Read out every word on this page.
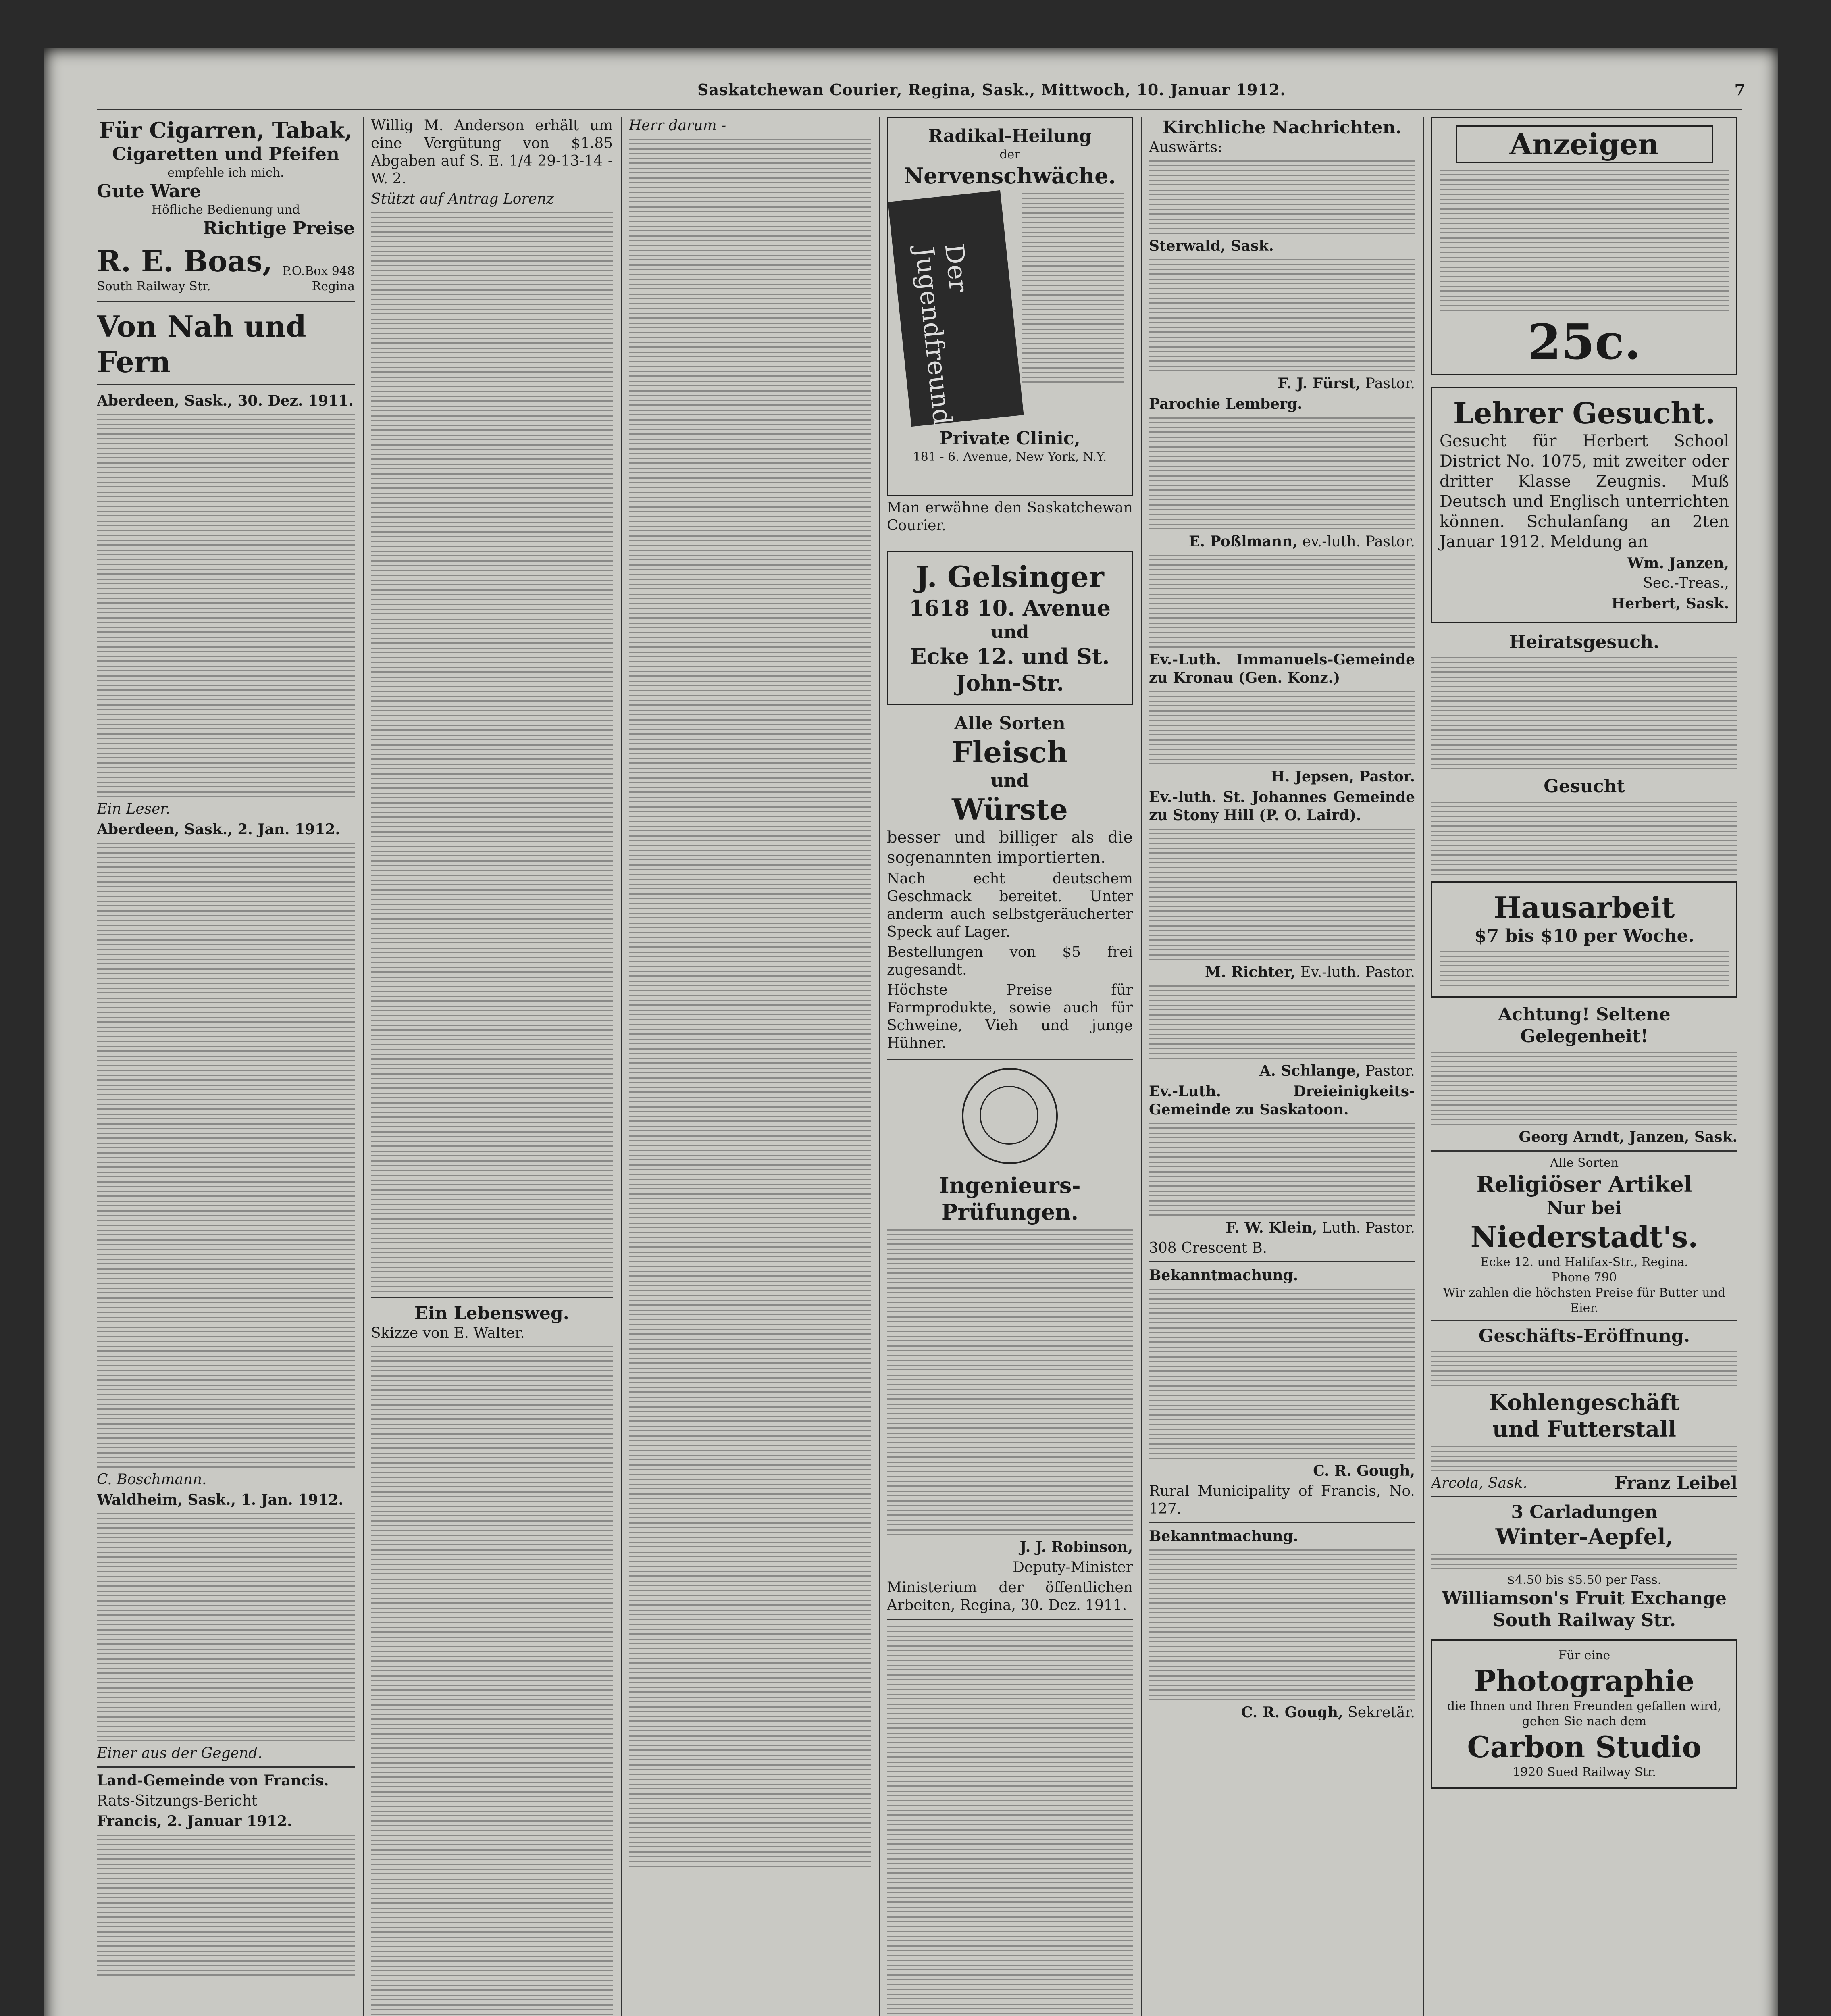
Saskatchewan Courier, Regina, Sask., Mittwoch, 10. Januar 1912.	7
Für Cigarren, Tabak,
Cigaretten und Pfeifen
empfehle ich mich.
Gute Ware
Höfliche Bedienung und
Richtige Preise
R. E. Boas, P.O.Box 948
South Railway Str.	Regina
Von Nah und Fern

Aberdeen, Sask., 30. Dez. 1911.

Ein Leser.

Aberdeen, Sask., 2. Jan. 1912.

C. Boschmann.

Waldheim, Sask., 1. Jan. 1912.

Einer aus der Gegend.

Land-Gemeinde von Francis.

Rats-Sitzungs-Bericht

Francis, 2. Januar 1912.

Willig M. Anderson erhält um eine Vergütung von $1.85 Abgaben auf S. E. 1/4 29-13-14 - W. 2.

Stützt auf Antrag Lorenz

Ein Lebensweg.

Skizze von E. Walter.

Herr darum -

Radikal-Heilung
der
Nervenschwäche.
Der Jugendfreund
Private Clinic,
181 - 6. Avenue, New York, N.Y.

Man erwähne den Saskatchewan Courier.

J. Gelsinger
1618 10. Avenue
und
Ecke 12. und St. John-Str.
Alle Sorten
Fleisch
und
Würste

besser und billiger als die sogenannten importierten.

Nach echt deutschem Geschmack bereitet. Unter anderm auch selbstgeräucherter Speck auf Lager.

Bestellungen von $5 frei zugesandt.

Höchste Preise für Farmprodukte, sowie auch für Schweine, Vieh und junge Hühner.

Ingenieurs-Prüfungen.

J. J. Robinson,

Deputy-Minister

Ministerium der öffentlichen Arbeiten, Regina, 30. Dez. 1911.

Kirchliche Nachrichten.

Auswärts:

Sterwald, Sask.

F. J. Fürst, Pastor.

Parochie Lemberg.

E. Poßlmann, ev.-luth. Pastor.

Ev.-Luth. Immanuels-Gemeinde zu Kronau (Gen. Konz.)

H. Jepsen, Pastor.

Ev.-luth. St. Johannes Gemeinde zu Stony Hill (P. O. Laird).

M. Richter, Ev.-luth. Pastor.

A. Schlange, Pastor.

Ev.-Luth. Dreieinigkeits-Gemeinde zu Saskatoon.

F. W. Klein, Luth. Pastor.

308 Crescent B.

Bekanntmachung.

C. R. Gough,

Rural Municipality of Francis, No. 127.

Bekanntmachung.

C. R. Gough, Sekretär.

Anzeigen
25c.
Lehrer Gesucht.

Gesucht für Herbert School District No. 1075, mit zweiter oder dritter Klasse Zeugnis. Muß Deutsch und Englisch unterrichten können. Schulanfang an 2ten Januar 1912. Meldung an

Wm. Janzen,

Sec.-Treas.,

Herbert, Sask.

Heiratsgesuch.
Gesucht
Hausarbeit
$7 bis $10 per Woche.
Achtung! Seltene Gelegenheit!

Georg Arndt, Janzen, Sask.

Alle Sorten
Religiöser Artikel
Nur bei
Niederstadt's.
Ecke 12. und Halifax-Str., Regina.
Phone 790
Wir zahlen die höchsten Preise für Butter und Eier.
Geschäfts-Eröffnung.
Kohlengeschäft
und Futterstall

Arcola, Sask.	Franz Leibel

3 Carladungen
Winter-Aepfel,
$4.50 bis $5.50 per Fass.
Williamson's Fruit Exchange
South Railway Str.
Für eine
Photographie
die Ihnen und Ihren Freunden gefallen wird, gehen Sie nach dem
Carbon Studio
1920 Sued Railway Str.
